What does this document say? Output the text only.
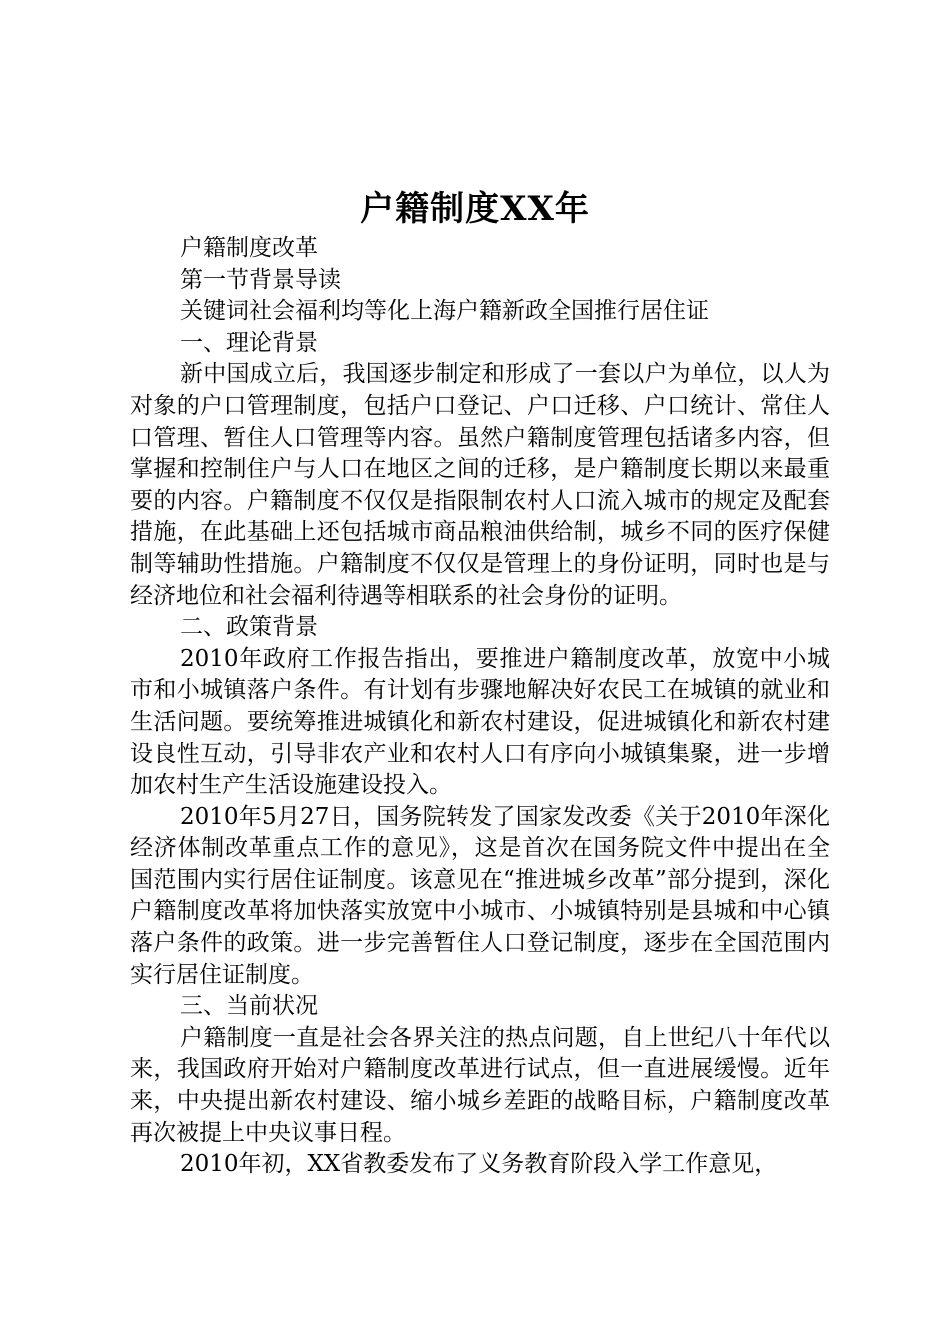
户籍制度XX年

户籍制度改革

第一节背景导读

关键词社会福利均等化上海户籍新政全国推行居住证

一、理论背景

新中国成立后，我国逐步制定和形成了一套以户为单位，以人为对象的户口管理制度，包括户口登记、户口迁移、户口统计、常住人口管理、暂住人口管理等内容。虽然户籍制度管理包括诸多内容，但掌握和控制住户与人口在地区之间的迁移，是户籍制度长期以来最重要的内容。户籍制度不仅仅是指限制农村人口流入城市的规定及配套措施，在此基础上还包括城市商品粮油供给制，城乡不同的医疗保健制等辅助性措施。户籍制度不仅仅是管理上的身份证明，同时也是与经济地位和社会福利待遇等相联系的社会身份的证明。

二、政策背景

2010年政府工作报告指出，要推进户籍制度改革，放宽中小城市和小城镇落户条件。有计划有步骤地解决好农民工在城镇的就业和生活问题。要统筹推进城镇化和新农村建设，促进城镇化和新农村建设良性互动，引导非农产业和农村人口有序向小城镇集聚，进一步增加农村生产生活设施建设投入。

2010年5月27日，国务院转发了国家发改委《关于2010年深化经济体制改革重点工作的意见》，这是首次在国务院文件中提出在全国范围内实行居住证制度。该意见在“推进城乡改革”部分提到，深化户籍制度改革将加快落实放宽中小城市、小城镇特别是县城和中心镇落户条件的政策。进一步完善暂住人口登记制度，逐步在全国范围内实行居住证制度。

三、当前状况

户籍制度一直是社会各界关注的热点问题，自上世纪八十年代以来，我国政府开始对户籍制度改革进行试点，但一直进展缓慢。近年来，中央提出新农村建设、缩小城乡差距的战略目标，户籍制度改革再次被提上中央议事日程。

2010年初，XX省教委发布了义务教育阶段入学工作意见，
